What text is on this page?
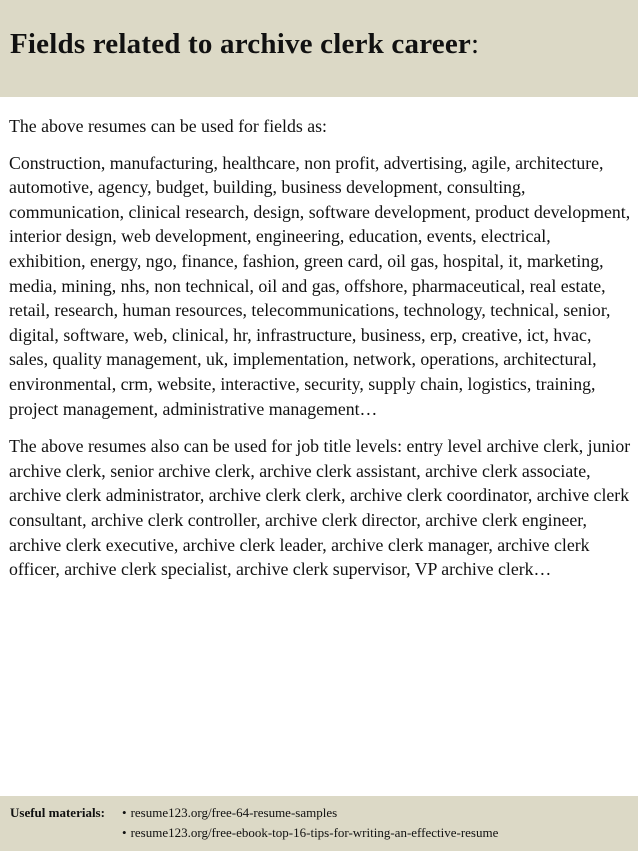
Fields related to archive clerk career:

The above resumes can be used for fields as:

Construction, manufacturing, healthcare, non profit, advertising, agile, architecture, automotive, agency, budget, building, business development, consulting, communication, clinical research, design, software development, product development, interior design, web development, engineering, education, events, electrical, exhibition, energy, ngo, finance, fashion, green card, oil gas, hospital, it, marketing, media, mining, nhs, non technical, oil and gas, offshore, pharmaceutical, real estate, retail, research, human resources, telecommunications, technology, technical, senior, digital, software, web, clinical, hr, infrastructure, business, erp, creative, ict, hvac, sales, quality management, uk, implementation, network, operations, architectural, environmental, crm, website, interactive, security, supply chain, logistics, training, project management, administrative management…

The above resumes also can be used for job title levels: entry level archive clerk, junior archive clerk, senior archive clerk, archive clerk assistant, archive clerk associate, archive clerk administrator, archive clerk clerk, archive clerk coordinator, archive clerk consultant, archive clerk controller, archive clerk director, archive clerk engineer, archive clerk executive, archive clerk leader, archive clerk manager, archive clerk officer, archive clerk specialist, archive clerk supervisor, VP archive clerk…

Useful materials: • resume123.org/free-64-resume-samples
• resume123.org/free-ebook-top-16-tips-for-writing-an-effective-resume
